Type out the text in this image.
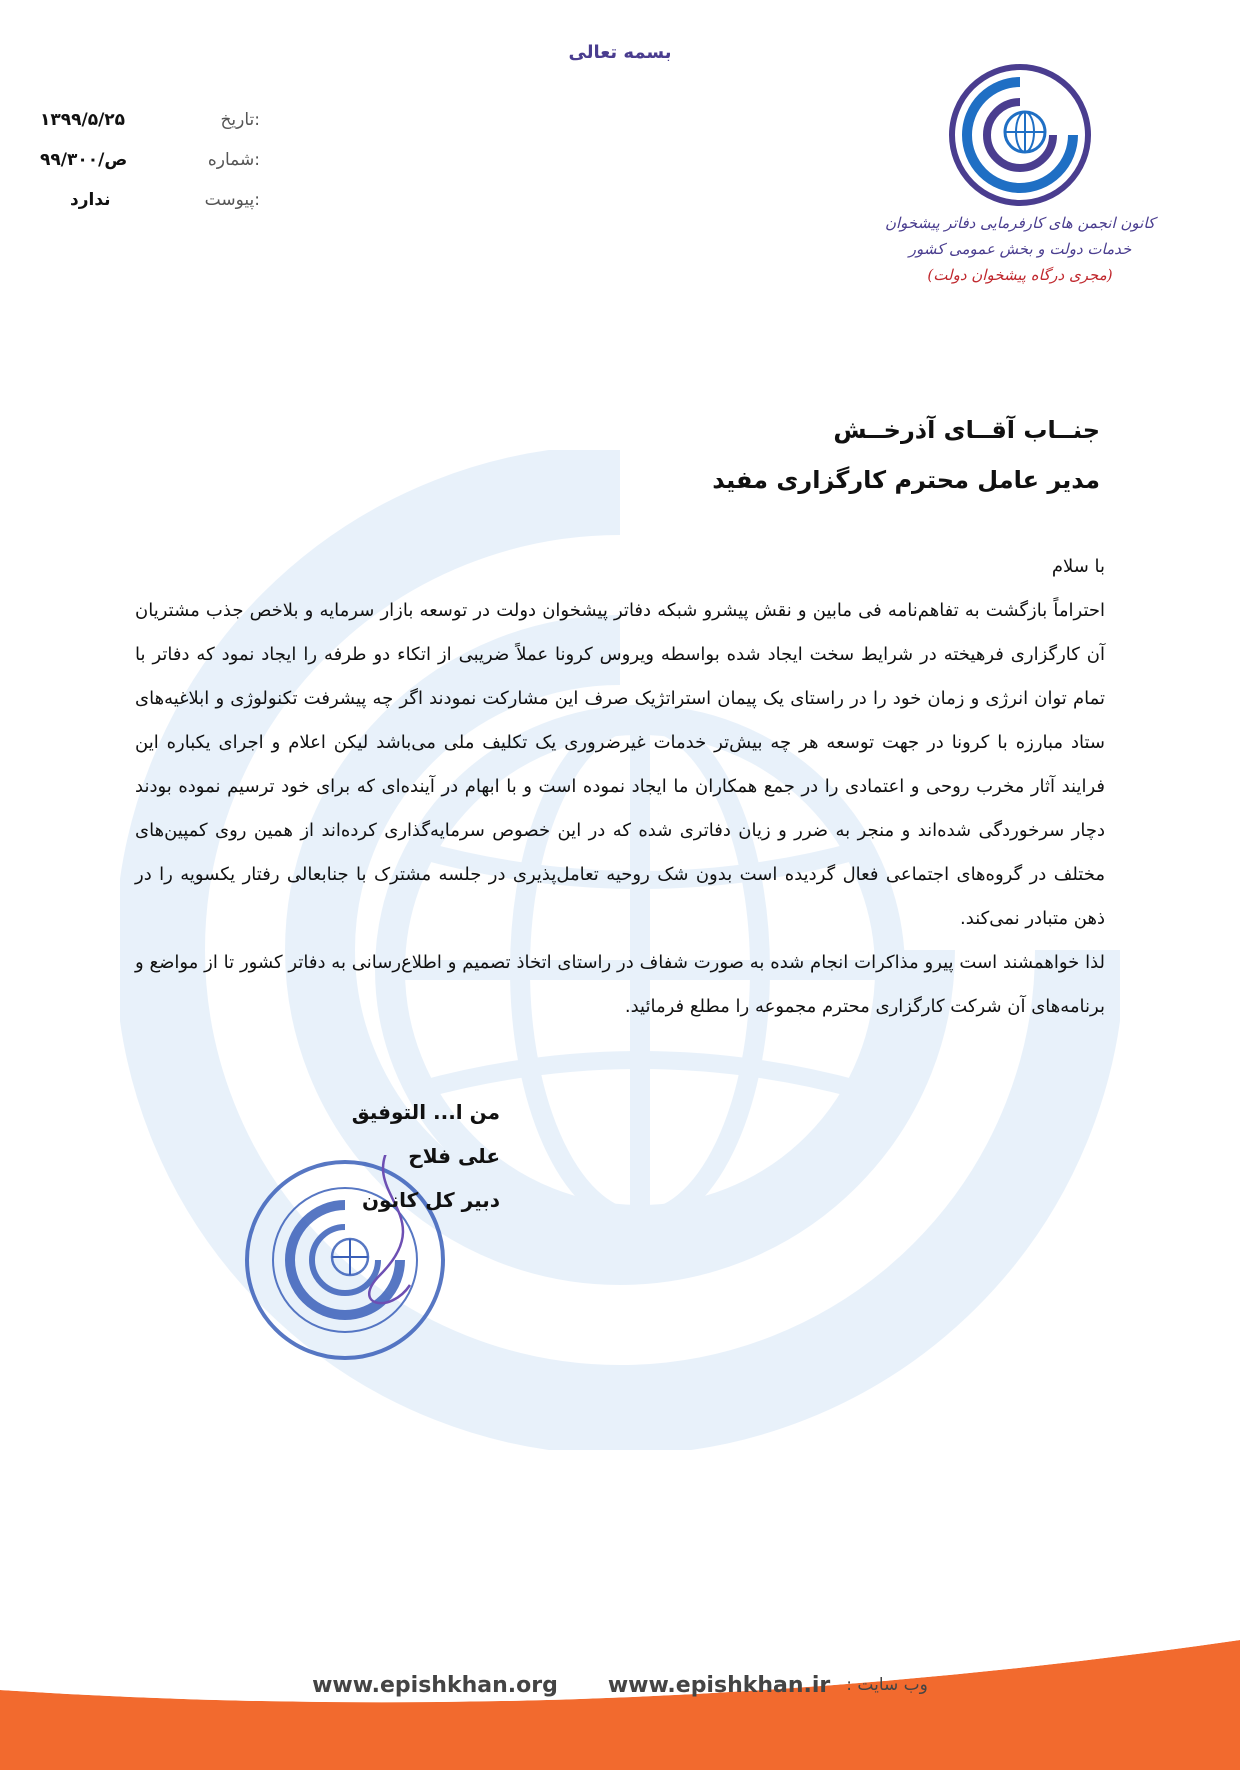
بسمه تعالی
۱۳۹۹/۵/۲۵	تاریخ:
۹۹/۳۰۰/ص	شماره:
ندارد	پیوست:
کانون انجمن های کارفرمایی دفاتر پیشخوان
خدمات دولت و بخش عمومی کشور
(مجری درگاه پیشخوان دولت)
جنــاب آقــای آذرخــش
مدیر عامل محترم کارگزاری مفید

با سلام

احتراماً بازگشت به تفاهم‌نامه فی مابین و نقش پیشرو شبکه دفاتر پیشخوان دولت در توسعه بازار سرمایه و بلاخص جذب مشتریان آن کارگزاری فرهیخته در شرایط سخت ایجاد شده بواسطه ویروس کرونا عملاً ضریبی از اتکاء دو طرفه را ایجاد نمود که دفاتر با تمام توان انرژی و زمان خود را در راستای یک پیمان استراتژیک صرف این مشارکت نمودند اگر چه پیشرفت تکنولوژی و ابلاغیه‌های ستاد مبارزه با کرونا در جهت توسعه هر چه بیش‌تر خدمات غیرضروری یک تکلیف ملی می‌باشد لیکن اعلام و اجرای یکباره این فرایند آثار مخرب روحی و اعتمادی را در جمع همکاران ما ایجاد نموده است و با ابهام در آینده‌ای که برای خود ترسیم نموده بودند دچار سرخوردگی شده‌اند و منجر به ضرر و زیان دفاتری شده که در این خصوص سرمایه‌گذاری کرده‌اند از همین روی کمپین‌های مختلف در گروه‌های اجتماعی فعال گردیده است بدون شک روحیه تعامل‌پذیری در جلسه مشترک با جنابعالی رفتار یکسویه را در ذهن متبادر نمی‌کند.

لذا خواهمشند است پیرو مذاکرات انجام شده به صورت شفاف در راستای اتخاذ تصمیم و اطلاع‌رسانی به دفاتر کشور تا از مواضع و برنامه‌های آن شرکت کارگزاری محترم مجموعه را مطلع فرمائید.

من ا... التوفیق
علی فلاح
دبیر کل کانون
www.epishkhan.org www.epishkhan.ir وب سایت :
